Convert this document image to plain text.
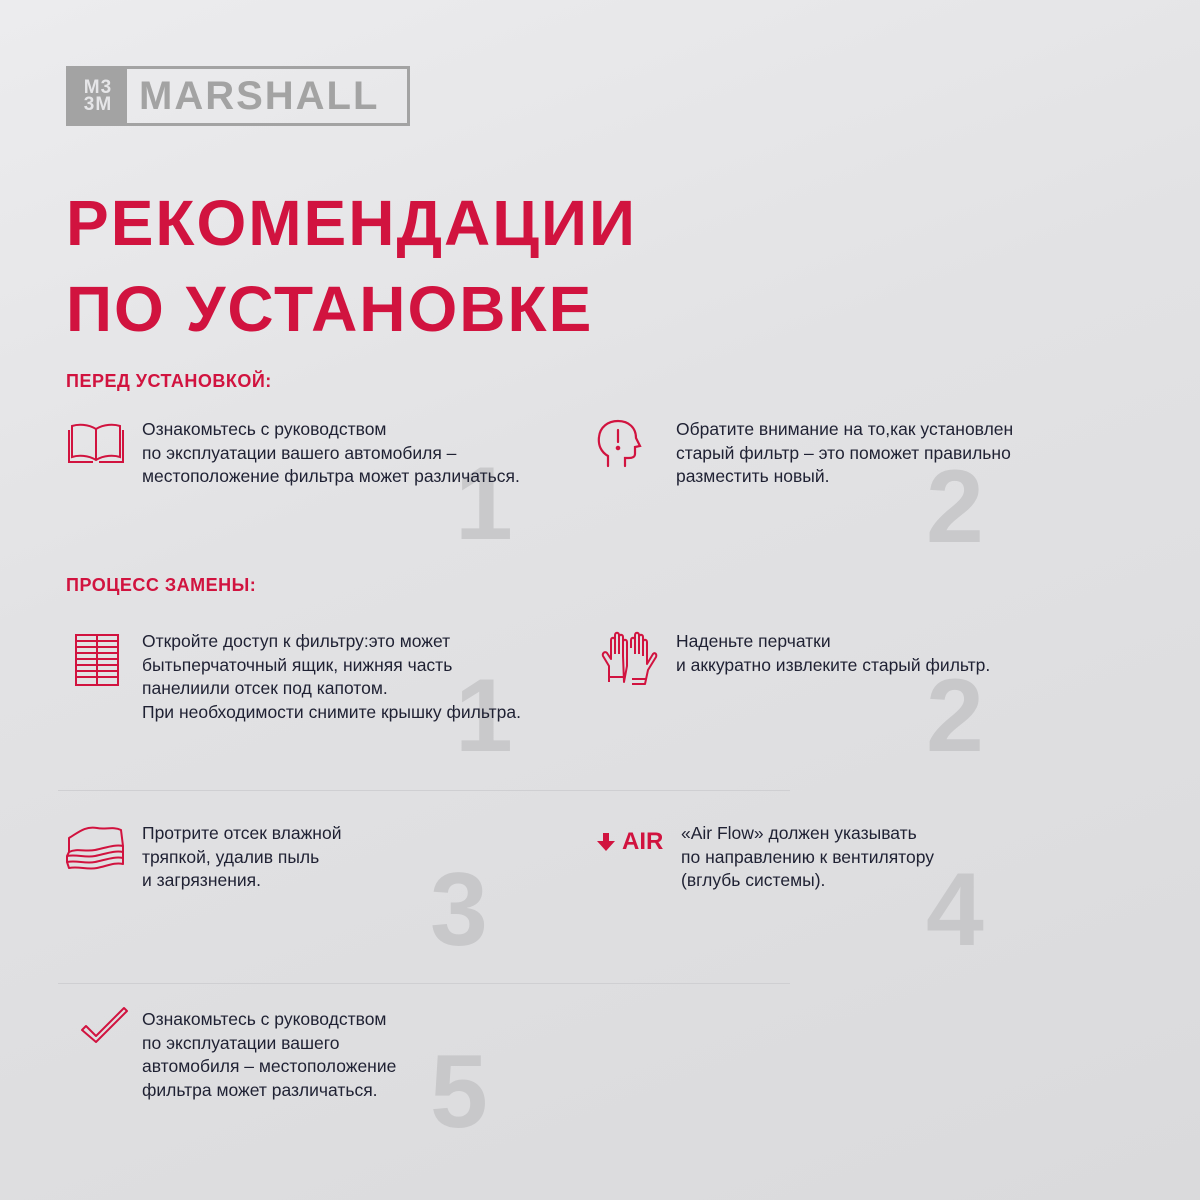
M3
3M MARSHALL
РЕКОМЕНДАЦИИ
ПО УСТАНОВКЕ
ПЕРЕД УСТАНОВКОЙ:
1
Ознакомьтесь с руководством
по эксплуатации вашего автомобиля –
местоположение фильтра может различаться.	2
Обратите внимание на то,как установлен
старый фильтр – это поможет правильно
разместить новый.
ПРОЦЕСС ЗАМЕНЫ:
1
Откройте доступ к фильтру:это может
бытьперчаточный ящик, нижняя часть
панелиили отсек под капотом.
При необходимости снимите крышку фильтра.	2
Наденьте перчатки
и аккуратно извлеките старый фильтр.
3
Протрите отсек влажной
тряпкой, удалив пыль
и загрязнения.	4
AIR «Air Flow» должен указывать
по направлению к вентилятору
(вглубь системы).
5
Ознакомьтесь с руководством
по эксплуатации вашего
автомобиля – местоположение
фильтра может различаться.
